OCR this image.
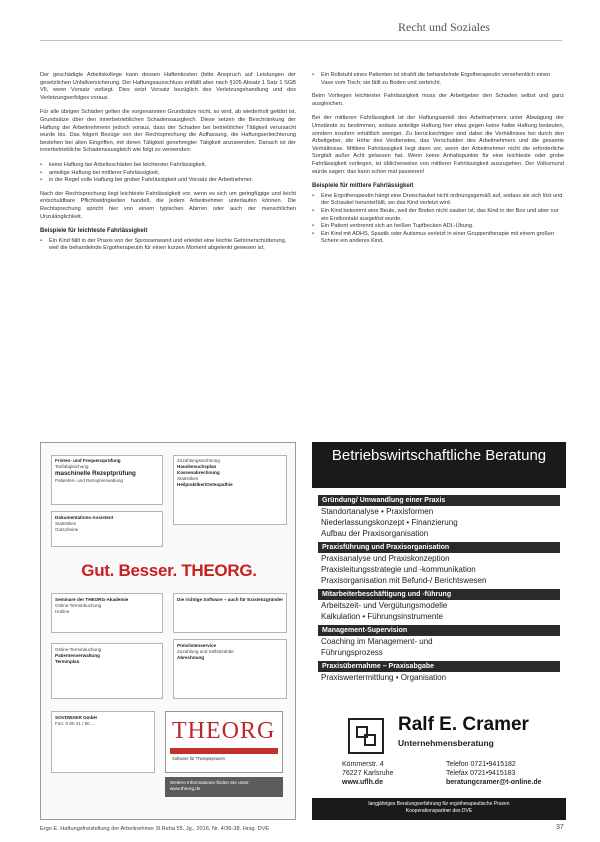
Recht und Soziales

Der geschädigte Arbeitskollege kann dessen Haftenkosten (bitte Anspruch auf Leistungen der gesetzlichen Unfallversicherung. Der Haftungsausschluss entfällt aber nach §105 Absatz 1 Satz 1 SGB VII, wenn Vorsatz vorliegt. Dies setzt Vorsatz bezüglich des Verletzungshandlung und des Verletzungserfolges voraus.

Für alle übrigen Schäden gelten die vorgenannten Grundsätze nicht, so wird, ab wiederholt geklärt ist, Grundsätze über den innerbetrieblichen Schadensausgleich. Diese setzen die Beschränkung der Haftung der Arbeitnehmerin jedoch voraus, dass der Schaden bei betrieblicher Tätigkeit verursacht wurde bis. Das folgert Bezüge von der Rechtsprechung die Auffassung, die Haftungserleichterung bestehen bei allen Eingriffen, mit deren Tätigkeit genehmigter Tätigkeit anzuwenden. Danach ist der innerbetriebliche Schadensausgleich wie folgt zu verwenden:

▪ keine Haftung bei Arbeitsschäden bei leichtester Fahrlässigkeit,
▪ anteilige Haftung bei mittlerer Fahrlässigkeit,
▪ in der Regel volle Haftung bei grober Fahrlässigkeit und Vorsatz der Arbeitnehmer.

Nach der Rechtsprechung liegt leichteste Fahrlässigkeit vor, wenn es sich um geringfügige und leicht entschuldbare Pflichtwidrigkeiten handelt, die jedem Arbeitnehmer unterlaufen können. Die Rechtsprechung spricht hier von einem typischen Abirren oder auch der menschlichen Unzulänglichkeit.

Beispiele für leichteste Fahrlässigkeit
▪ Ein Kind fällt in der Praxis von der Sprossenwand und erleidet eine leichte Gehirnerschütterung, weil die behandelnde Ergotherapeutin für einen kurzen Moment abgelenkt gewesen ist.
▪ Ein Rollstuhl eines Patienten ist strahlt die behandelnde Ergotherapeutin versehentlich einen Vase vom Tisch; sie fällt zu Boden und zerbricht.

Beim Vorliegen leichtester Fahrlässigkeit muss der Arbeitgeber den Schaden selbst und ganz ausgleichen.

Bei der mittleren Fahrlässigkeit ist der Haftungsanteil des Arbeitnehmers unter Abwägung der Umstände zu bestimmen, sodass anteilige Haftung hier etwa gegen keine halbe Haftung bedeuten, sondern insofern erhältlich weniger. Zu berücksichtigen sind dabei die Verhältnisse bei durch den Arbeitgeber, die Höhe des Verdienstes, das Verschulden des Arbeitnehmers und die gesamte Verhältnisse. Mittlere Fahrlässigkeit liegt dann vor, wenn der Arbeitnehmer nicht die erforderliche Sorgfalt außer Acht gelassen hat. Wenn keine Anhaltspunkte für eine leichteste oder grobe Fahrlässigkeit vorliegen, ist üblicherweise von mittlerer Fahrlässigkeit auszugehen. Der Volksmund würde sagen: das kann schon mal passieren!

Beispiele für mittlere Fahrlässigkeit
▪ Eine Ergotherapeutin hängt eine Dreischaukel nicht ordnungsgemäß auf, sodass sie sich löst und der Schaukel herunterfällt, wo das Kind verletzt wird.
▪ Ein Kind bekommt eine Beule, weil der Boden nicht sauber ist, das Kind in der Box und aber nur ein Erstkontakt ausgelöst wurde.
▪ Ein Patient verbrennt sich an heißen Tupfbecken ADL-Übung.
▪ Ein Kind mit ADHS, Spastik oder Autismus verletzt in einer Gruppentherapie mit einem großen Schere ein anderes Kind.
Fristen- und Frequenzprüfung
Tarifabgleichung
maschinelle Rezeptprüfung
Patienten- und Rezeptverwaltung
Zuzahlungsrechnung
Hausbesuchsplan
Kassenabrechnung
Statistiken
Heilpraktiker/Osteopathie
Dokumentations-Assistent
Statistiken
Gutscheine
Gut. Besser. THEORG.
Seminare der THEORG-Akademie
Online-Terminbuchung
Hotline
Die richtige Software – auch für Existenzgründer
Online-Terminbuchung
Patientenverwaltung
Terminplan
Preislistenservice
Zuzahlung und Selbstzahler
Abrechnung
SOVDWAER GmbH
Fon: 0 80 31 / 90 ...	THEORG
Software für Therapiepraxen
Weitere Informationen finden Sie unter: www.theorg.de
Betriebswirtschaftliche Beratung
Gründung/ Umwandlung einer Praxis
Standortanalyse • Praxisformen
Niederlassungskonzept • Finanzierung
Aufbau der Praxisorganisation
Praxisführung und Praxisorganisation
Praxisanalyse und Praxiskonzeption
Praxisleitungsstrategie und -kommunikation
Praxisorganisation mit Befund-/ Berichtswesen
Mitarbeiterbeschäftigung und -führung
Arbeitszeit- und Vergütungsmodelle
Kalkulation • Führungsinstrumente
Management-Supervision
Coaching im Management- und
Führungsprozess
Praxisübernahme – Praxisabgabe
Praxiswertermittlung • Organisation
Ralf E. Cramer
Unternehmensberatung
Kömmerstr. 4
76227 Karlsruhe
www.uflh.de
Telefon 0721•9415182
Telefax 0721•9415183
beratungcramer@t-online.de
langjähriges Beratungserfahrung für ergotherapeutische Praxen
Kooperationspartner des DVE
Ergo E. Haftungsfreistellung der Arbeitnehmer 3l Reha 55. Jg., 2016, Nr. 4/36-38. Hrsg. DVE	37
